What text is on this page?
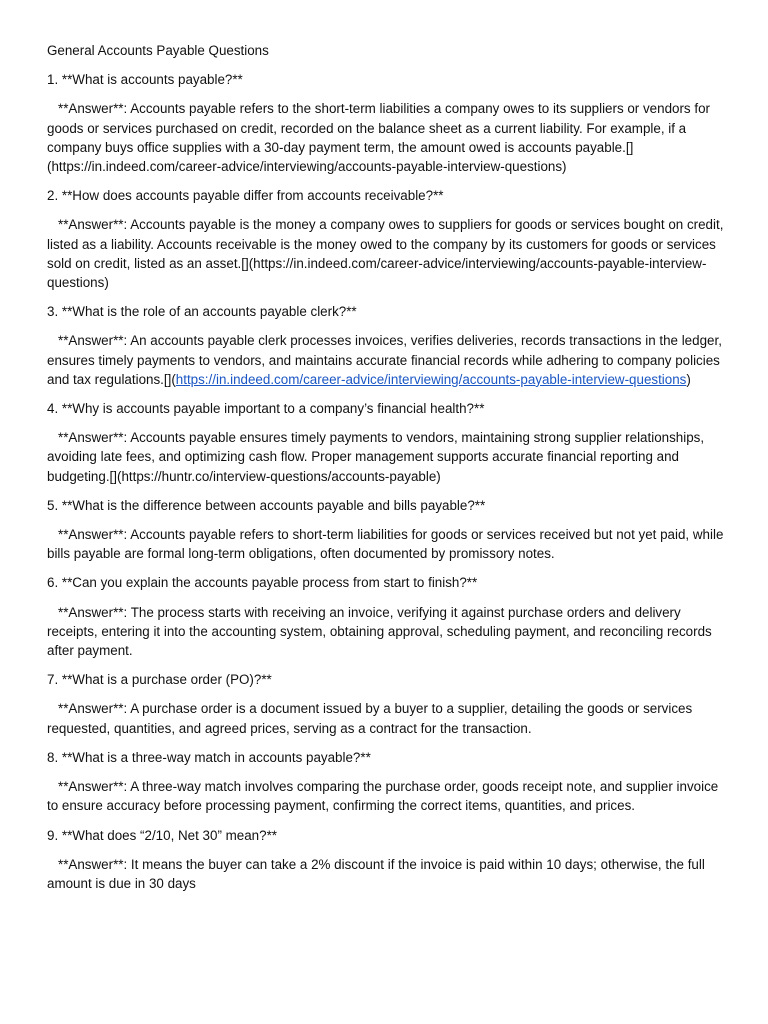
General Accounts Payable Questions

1. **What is accounts payable?**

**Answer**: Accounts payable refers to the short-term liabilities a company owes to its suppliers or vendors for goods or services purchased on credit, recorded on the balance sheet as a current liability. For example, if a company buys office supplies with a 30-day payment term, the amount owed is accounts payable.[](https://in.indeed.com/career-advice/interviewing/accounts-payable-interview-questions)

2. **How does accounts payable differ from accounts receivable?**

**Answer**: Accounts payable is the money a company owes to suppliers for goods or services bought on credit, listed as a liability. Accounts receivable is the money owed to the company by its customers for goods or services sold on credit, listed as an asset.[](https://in.indeed.com/career-advice/interviewing/accounts-payable-interview-questions)

3. **What is the role of an accounts payable clerk?**

**Answer**: An accounts payable clerk processes invoices, verifies deliveries, records transactions in the ledger, ensures timely payments to vendors, and maintains accurate financial records while adhering to company policies and tax regulations.[](https://in.indeed.com/career-advice/interviewing/accounts-payable-interview-questions)

4. **Why is accounts payable important to a company’s financial health?**

**Answer**: Accounts payable ensures timely payments to vendors, maintaining strong supplier relationships, avoiding late fees, and optimizing cash flow. Proper management supports accurate financial reporting and budgeting.[](https://huntr.co/interview-questions/accounts-payable)

5. **What is the difference between accounts payable and bills payable?**

**Answer**: Accounts payable refers to short-term liabilities for goods or services received but not yet paid, while bills payable are formal long-term obligations, often documented by promissory notes.

6. **Can you explain the accounts payable process from start to finish?**

**Answer**: The process starts with receiving an invoice, verifying it against purchase orders and delivery receipts, entering it into the accounting system, obtaining approval, scheduling payment, and reconciling records after payment.

7. **What is a purchase order (PO)?**

**Answer**: A purchase order is a document issued by a buyer to a supplier, detailing the goods or services requested, quantities, and agreed prices, serving as a contract for the transaction.

8. **What is a three-way match in accounts payable?**

**Answer**: A three-way match involves comparing the purchase order, goods receipt note, and supplier invoice to ensure accuracy before processing payment, confirming the correct items, quantities, and prices.

9. **What does “2/10, Net 30” mean?**

**Answer**: It means the buyer can take a 2% discount if the invoice is paid within 10 days; otherwise, the full amount is due in 30 days
